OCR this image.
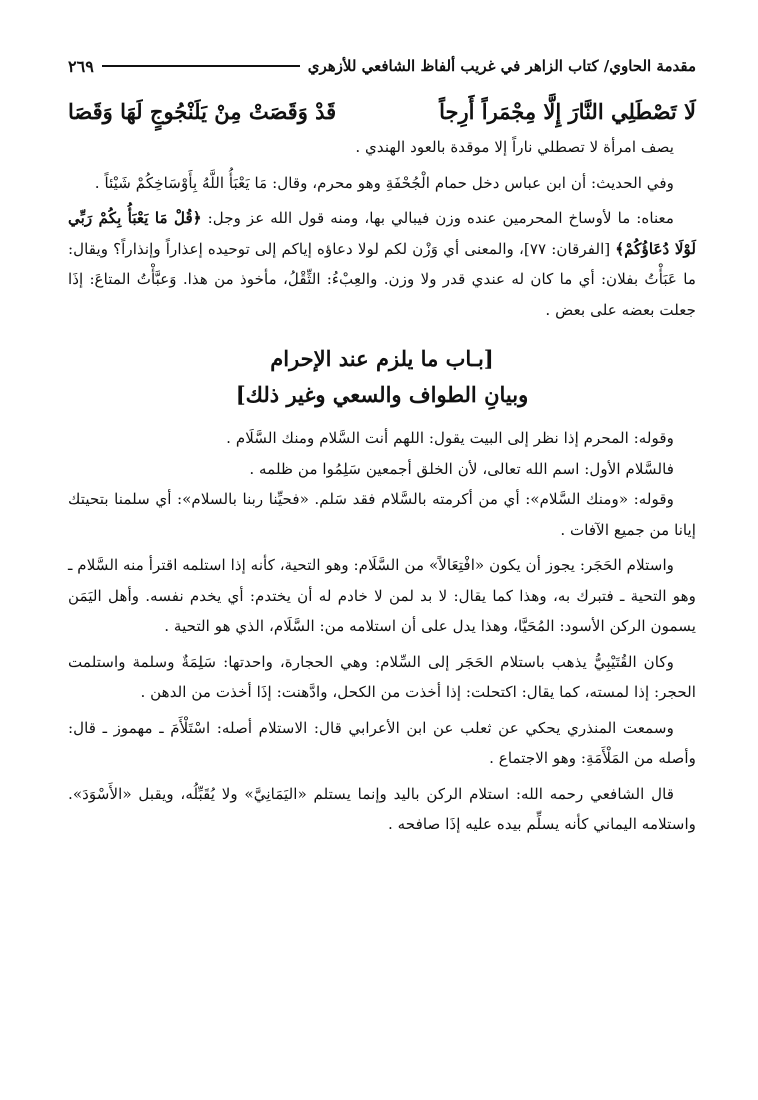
مقدمة الحاوي/ كتاب الزاهر في غريب ألفاظ الشافعي للأزهري
٢٦٩
لَا تَصْطَلِي النَّارَ إِلَّا مِجْمَراً أَرِجاً
قَدْ وَقَصَتْ مِنْ يَلَنْجُوجٍ لَهَا وَقَصَا

يصف امرأة لا تصطلي ناراً إلا موقدة بالعود الهندي .

وفي الحديث: أن ابن عباس دخل حمام الْجُحْفَةِ وهو محرم، وقال: مَا يَعْبَأُ اللَّهُ بِأَوْسَاخِكُمْ شَيْئاً .

معناه: ما لأوساخ المحرمين عنده وزن فيبالي بها، ومنه قول الله عز وجل: ﴿قُلْ مَا يَعْبَأُ بِكُمْ رَبِّي لَوْلَا دُعَاؤُكُمْ﴾ [الفرقان: ٧٧]، والمعنى أي وَزْن لكم لولا دعاؤه إياكم إلى توحيده إعذاراً وإنذاراً؟ ويقال: ما عَبَأْتُ بفلان: أي ما كان له عندي قدر ولا وزن. والعِبْءُ: الثِّقْلُ، مأخوذ من هذا. وَعبَّأْتُ المتاعَ: إذَا جعلت بعضه على بعض .

[بـاب ما يلزم عند الإحرام
وبيانِ الطواف والسعي وغير ذلك]

وقوله: المحرم إذا نظر إلى البيت يقول: اللهم أنت السَّلام ومنك السَّلَام .

فالسَّلام الأول: اسم الله تعالى، لأن الخلق أجمعين سَلِمُوا من ظلمه .

وقوله: «ومنك السَّلام»: أي من أكرمته بالسَّلام فقد سَلم. «فحيِّنا ربنا بالسلام»: أي سلمنا بتحيتك إيانا من جميع الآفات .

واستلام الحَجَر: يجوز أن يكون «افْتِعَالاً» من السَّلَام: وهو التحية، كأنه إذا استلمه اقترأ منه السَّلام ـ وهو التحية ـ فتبرك به، وهذا كما يقال: لا بد لمن لا خادم له أن يختدم: أي يخدم نفسه. وأهل اليَمَن يسمون الركن الأسود: المُحَيَّا، وهذا يدل على أن استلامه من: السَّلَام، الذي هو التحية .

وكان القُتَيْبِيُّ يذهب باستلام الحَجَر إلى السِّلام: وهي الحجارة، واحدتها: سَلِمَةٌ وسلمة واستلمت الحجر: إذا لمسته، كما يقال: اكتحلت: إذا أخذت من الكحل، وادَّهنت: إذَا أخذت من الدهن .

وسمعت المنذري يحكي عن ثعلب عن ابن الأعرابي قال: الاستلام أصله: اسْتَلْأَمَ ـ مهموز ـ قال: وأصله من المَلْأَمَةِ: وهو الاجتماع .

قال الشافعي رحمه الله: استلام الركن باليد وإنما يستلم «اليَمَانِيَّ» ولا يُقَبِّلُه، ويقبل «الأَسْوَدَ». واستلامه اليماني كأنه يسلِّم بيده عليه إذَا صافحه .
